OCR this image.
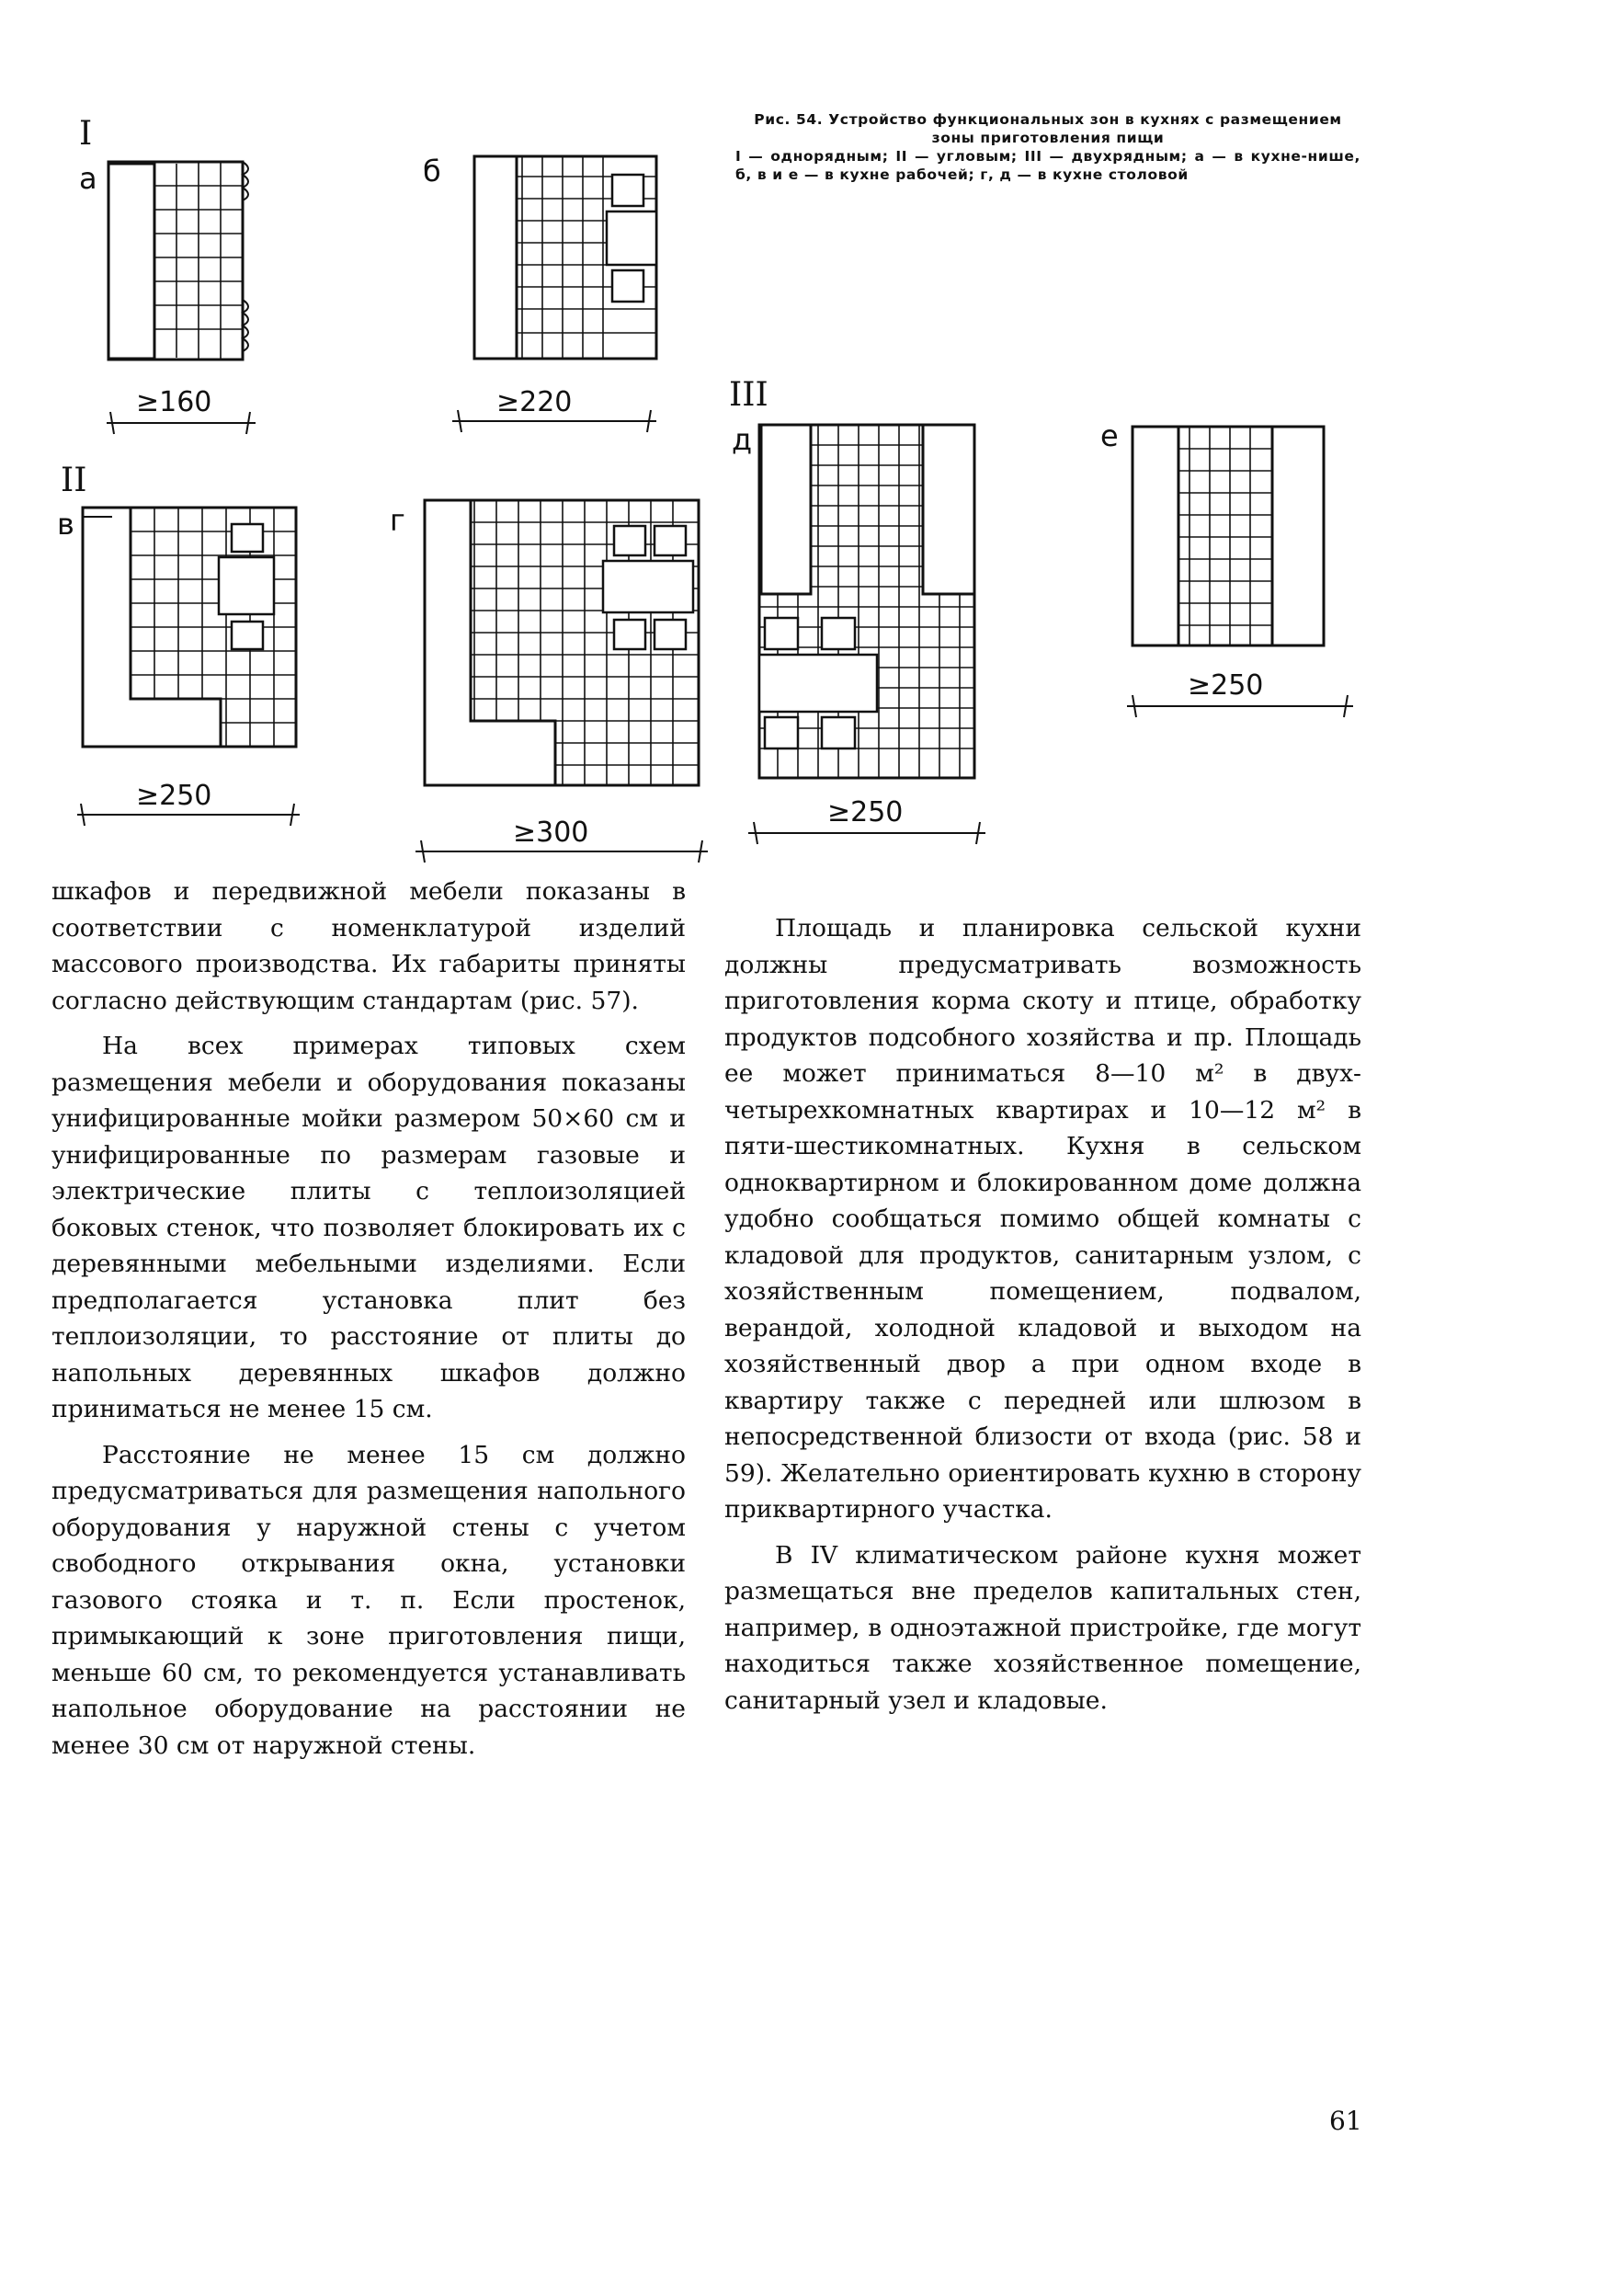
I
II
III
а	б
в	г
д	е
≥160	≥220
≥250
≥300
≥250
≥250
Рис. 54. Устройство функциональных зон в кухнях с размещением зоны приготовления пищи
I — однорядным; II — угловым; III — двухрядным; а — в кухне-нише, б, в и е — в кухне рабочей; г, д — в кухне столовой

шкафов и передвижной мебели показаны в соответствии с номенклатурой изделий массового производства. Их габариты приняты согласно действующим стандартам (рис. 57).

На всех примерах типовых схем размещения мебели и оборудования показаны унифицированные мойки размером 50×60 см и унифицированные по размерам газовые и электрические плиты с теплоизоляцией боковых стенок, что позволяет блокировать их с деревянными мебельными изделиями. Если предполагается установка плит без теплоизоляции, то расстояние от плиты до напольных деревянных шкафов должно приниматься не менее 15 см.

Расстояние не менее 15 см должно предусматриваться для размещения напольного оборудования у наружной стены с учетом свободного открывания окна, установки газового стояка и т. п. Если простенок, примыкающий к зоне приготовления пищи, меньше 60 см, то рекомендуется устанавливать напольное оборудование на расстоянии не менее 30 см от наружной стены.

Площадь и планировка сельской кухни должны предусматривать возможность приготовления корма скоту и птице, обработку продуктов подсобного хозяйства и пр. Площадь ее может приниматься 8—10 м² в двух-четырехкомнатных квартирах и 10—12 м² в пяти-шестикомнатных. Кухня в сельском одноквартирном и блокированном доме должна удобно сообщаться помимо общей комнаты с кладовой для продуктов, санитарным узлом, с хозяйственным помещением, подвалом, верандой, холодной кладовой и выходом на хозяйственный двор а при одном входе в квартиру также с передней или шлюзом в непосредственной близости от входа (рис. 58 и 59). Желательно ориентировать кухню в сторону приквартирного участка.

В IV климатическом районе кухня может размещаться вне пределов капитальных стен, например, в одноэтажной пристройке, где могут находиться также хозяйственное помещение, санитарный узел и кладовые.

61
